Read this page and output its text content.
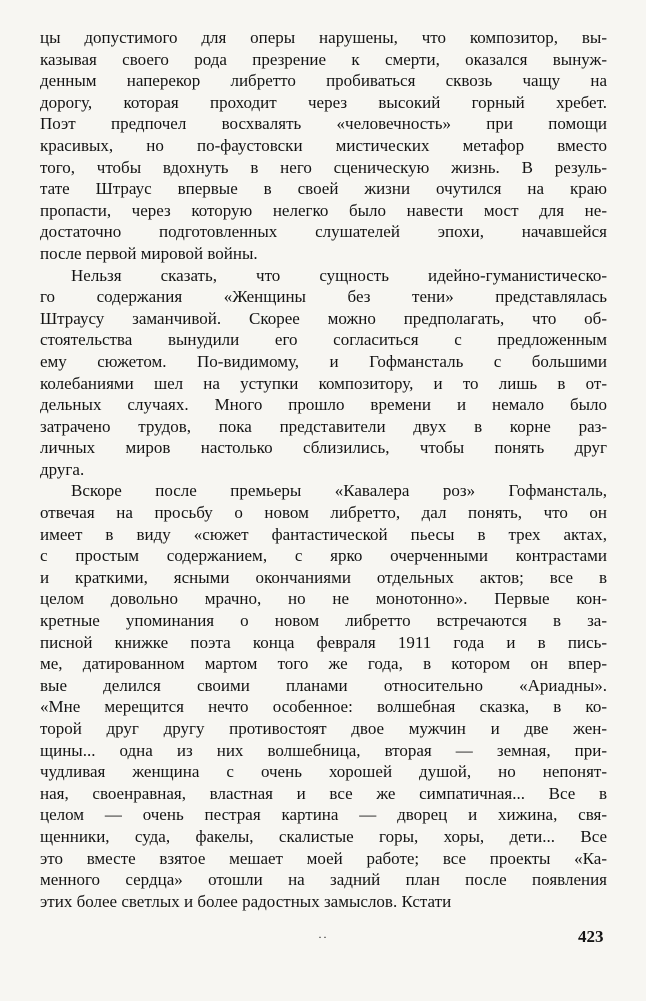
цы допустимого для оперы нарушены, что композитор, вы-
казывая своего рода презрение к смерти, оказался вынуж-
денным наперекор либретто пробиваться сквозь чащу на
дорогу, которая проходит через высокий горный хребет.
Поэт предпочел восхвалять «человечность» при помощи
красивых, но по-фаустовски мистических метафор вместо
того, чтобы вдохнуть в него сценическую жизнь. В резуль-
тате Штраус впервые в своей жизни очутился на краю
пропасти, через которую нелегко было навести мост для не-
достаточно подготовленных слушателей эпохи, начавшейся
после первой мировой войны.
Нельзя сказать, что сущность идейно-гуманистическо-
го содержания «Женщины без тени» представлялась
Штраусу заманчивой. Скорее можно предполагать, что об-
стоятельства вынудили его согласиться с предложенным
ему сюжетом. По-видимому, и Гофмансталь с большими
колебаниями шел на уступки композитору, и то лишь в от-
дельных случаях. Много прошло времени и немало было
затрачено трудов, пока представители двух в корне раз-
личных миров настолько сблизились, чтобы понять друг
друга.
Вскоре после премьеры «Кавалера роз» Гофмансталь,
отвечая на просьбу о новом либретто, дал понять, что он
имеет в виду «сюжет фантастической пьесы в трех актах,
с простым содержанием, с ярко очерченными контрастами
и краткими, ясными окончаниями отдельных актов; все в
целом довольно мрачно, но не монотонно». Первые кон-
кретные упоминания о новом либретто встречаются в за-
писной книжке поэта конца февраля 1911 года и в пись-
ме, датированном мартом того же года, в котором он впер-
вые делился своими планами относительно «Ариадны».
«Мне мерещится нечто особенное: волшебная сказка, в ко-
торой друг другу противостоят двое мужчин и две жен-
щины... одна из них волшебница, вторая — земная, при-
чудливая женщина с очень хорошей душой, но непонят-
ная, своенравная, властная и все же симпатичная... Все в
целом — очень пестрая картина — дворец и хижина, свя-
щенники, суда, факелы, скалистые горы, хоры, дети... Все
это вместе взятое мешает моей работе; все проекты «Ка-
менного сердца» отошли на задний план после появления
этих более светлых и более радостных замыслов. Кстати
··	423
